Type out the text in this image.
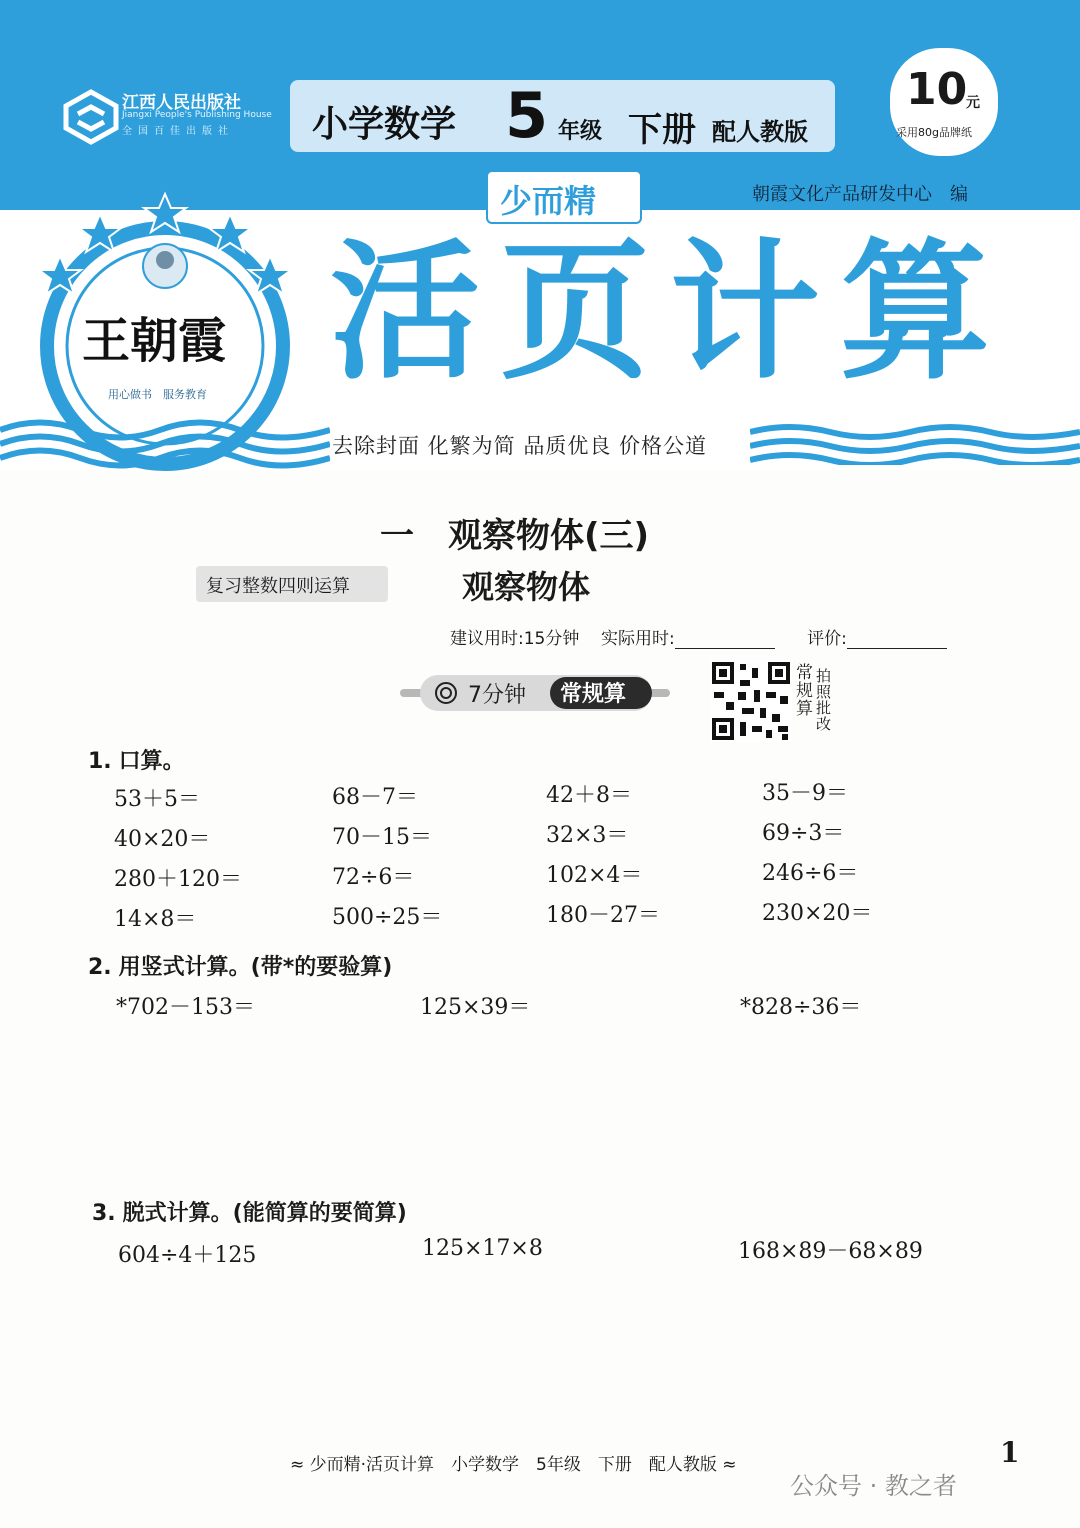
江西人民出版社
Jiangxi People's Publishing House
全国百佳出版社 小学数学 5 年级 下册 配人教版
10
元
采用80g品牌纸
少而精	朝霞文化产品研发中心　编
王朝霞
用心做书　服务教育 活页计算
去除封面 化繁为简 品质优良 价格公道
一　观察物体(三)
复习整数四则运算	观察物体
建议用时:15分钟 实际用时:	评价:
7分钟 常规算
常规算
拍照批改
1. 口算。
53＋5＝	68－7＝	42＋8＝	35－9＝
40×20＝	70－15＝	32×3＝	69÷3＝
280＋120＝	72÷6＝	102×4＝	246÷6＝
14×8＝	500÷25＝	180－27＝	230×20＝
2. 用竖式计算。(带*的要验算)
*702－153＝	125×39＝	*828÷36＝
3. 脱式计算。(能简算的要简算)
604÷4＋125	125×17×8	168×89－68×89
≈ 少而精·活页计算　小学数学　5年级　下册　配人教版 ≈	1
公众号 · 教之者
